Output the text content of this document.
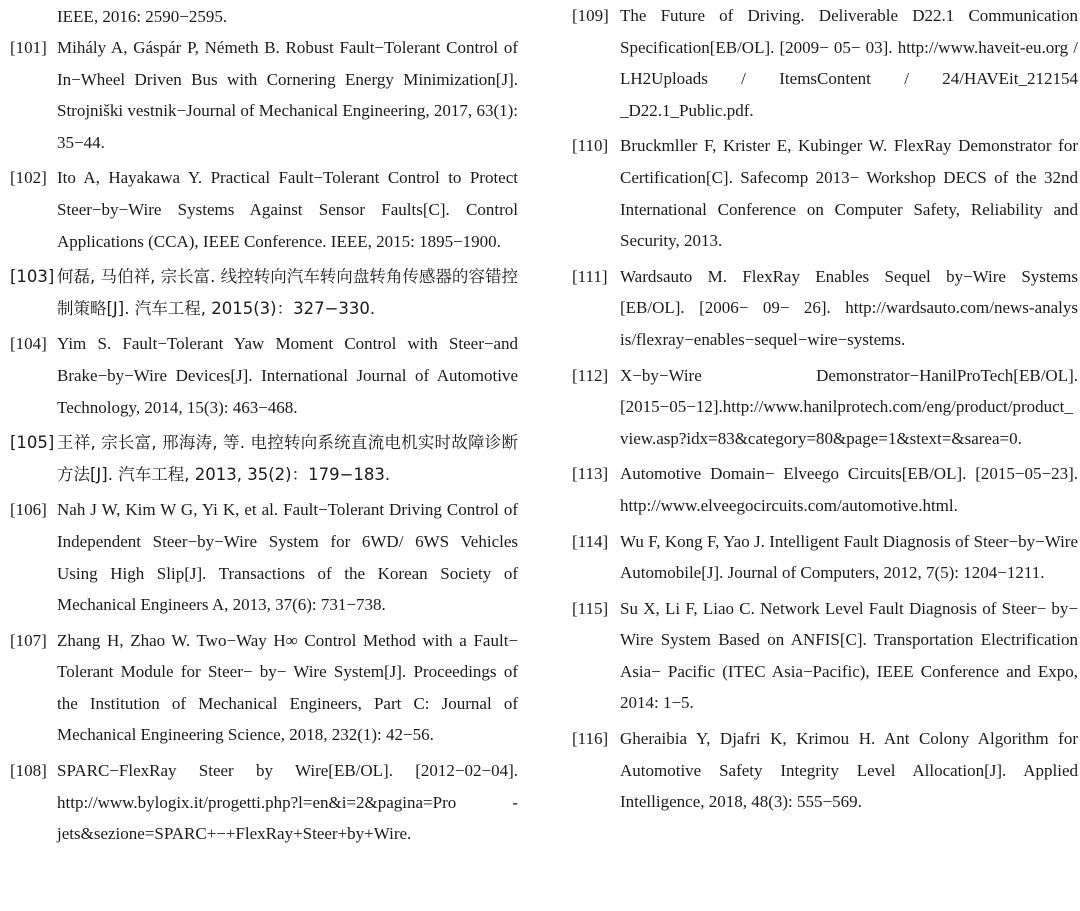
IEEE, 2016: 2590−2595.
[101] Mihály A, Gáspár P, Németh B. Robust Fault−Tolerant Control of In−Wheel Driven Bus with Cornering Energy Minimization[J]. Strojniški vestnik−Journal of Mechanical Engineering, 2017, 63(1): 35−44.
[102] Ito A, Hayakawa Y. Practical Fault−Tolerant Control to Protect Steer−by−Wire Systems Against Sensor Faults[C]. Control Applications (CCA), IEEE Conference. IEEE, 2015: 1895−1900.
[103] 何磊, 马伯祥, 宗长富. 线控转向汽车转向盘转角传感器的容错控制策略[J]. 汽车工程, 2015(3)：327−330.
[104] Yim S. Fault−Tolerant Yaw Moment Control with Steer−and Brake−by−Wire Devices[J]. International Journal of Automotive Technology, 2014, 15(3): 463−468.
[105] 王祥, 宗长富, 邢海涛, 等. 电控转向系统直流电机实时故障诊断方法[J]. 汽车工程, 2013, 35(2)：179−183.
[106] Nah J W, Kim W G, Yi K, et al. Fault−Tolerant Driving Control of Independent Steer−by−Wire System for 6WD/ 6WS Vehicles Using High Slip[J]. Transactions of the Korean Society of Mechanical Engineers A, 2013, 37(6): 731−738.
[107] Zhang H, Zhao W. Two−Way H∞ Control Method with a Fault− Tolerant Module for Steer− by− Wire System[J]. Proceedings of the Institution of Mechanical Engineers, Part C: Journal of Mechanical Engineering Science, 2018, 232(1): 42−56.
[108] SPARC−FlexRay Steer by Wire[EB/OL]. [2012−02−04]. http://www.bylogix.it/progetti.php?l=en&i=2&pagina=Pro - jets&sezione=SPARC+−+FlexRay+Steer+by+Wire.
[109] The Future of Driving. Deliverable D22.1 Communication Specification[EB/OL]. [2009− 05− 03]. http://www.haveit-eu.org / LH2Uploads / ItemsContent / 24/HAVEit_212154 _D22.1_Public.pdf.
[110] Bruckmller F, Krister E, Kubinger W. FlexRay Demonstrator for Certification[C]. Safecomp 2013− Workshop DECS of the 32nd International Conference on Computer Safety, Reliability and Security, 2013.
[111] Wardsauto M. FlexRay Enables Sequel by−Wire Systems [EB/OL]. [2006− 09− 26]. http://wardsauto.com/news-analys is/flexray−enables−sequel−wire−systems.
[112] X−by−Wire Demonstrator−HanilProTech[EB/OL]. [2015−05−12].http://www.hanilprotech.com/eng/product/product_view.asp?idx=83&category=80&page=1&stext=&sarea=0.
[113] Automotive Domain− Elveego Circuits[EB/OL]. [2015−05−23]. http://www.elveegocircuits.com/automotive.html.
[114] Wu F, Kong F, Yao J. Intelligent Fault Diagnosis of Steer−by−Wire Automobile[J]. Journal of Computers, 2012, 7(5): 1204−1211.
[115] Su X, Li F, Liao C. Network Level Fault Diagnosis of Steer− by− Wire System Based on ANFIS[C]. Transportation Electrification Asia− Pacific (ITEC Asia−Pacific), IEEE Conference and Expo, 2014: 1−5.
[116] Gheraibia Y, Djafri K, Krimou H. Ant Colony Algorithm for Automotive Safety Integrity Level Allocation[J]. Applied Intelligence, 2018, 48(3): 555−569.
